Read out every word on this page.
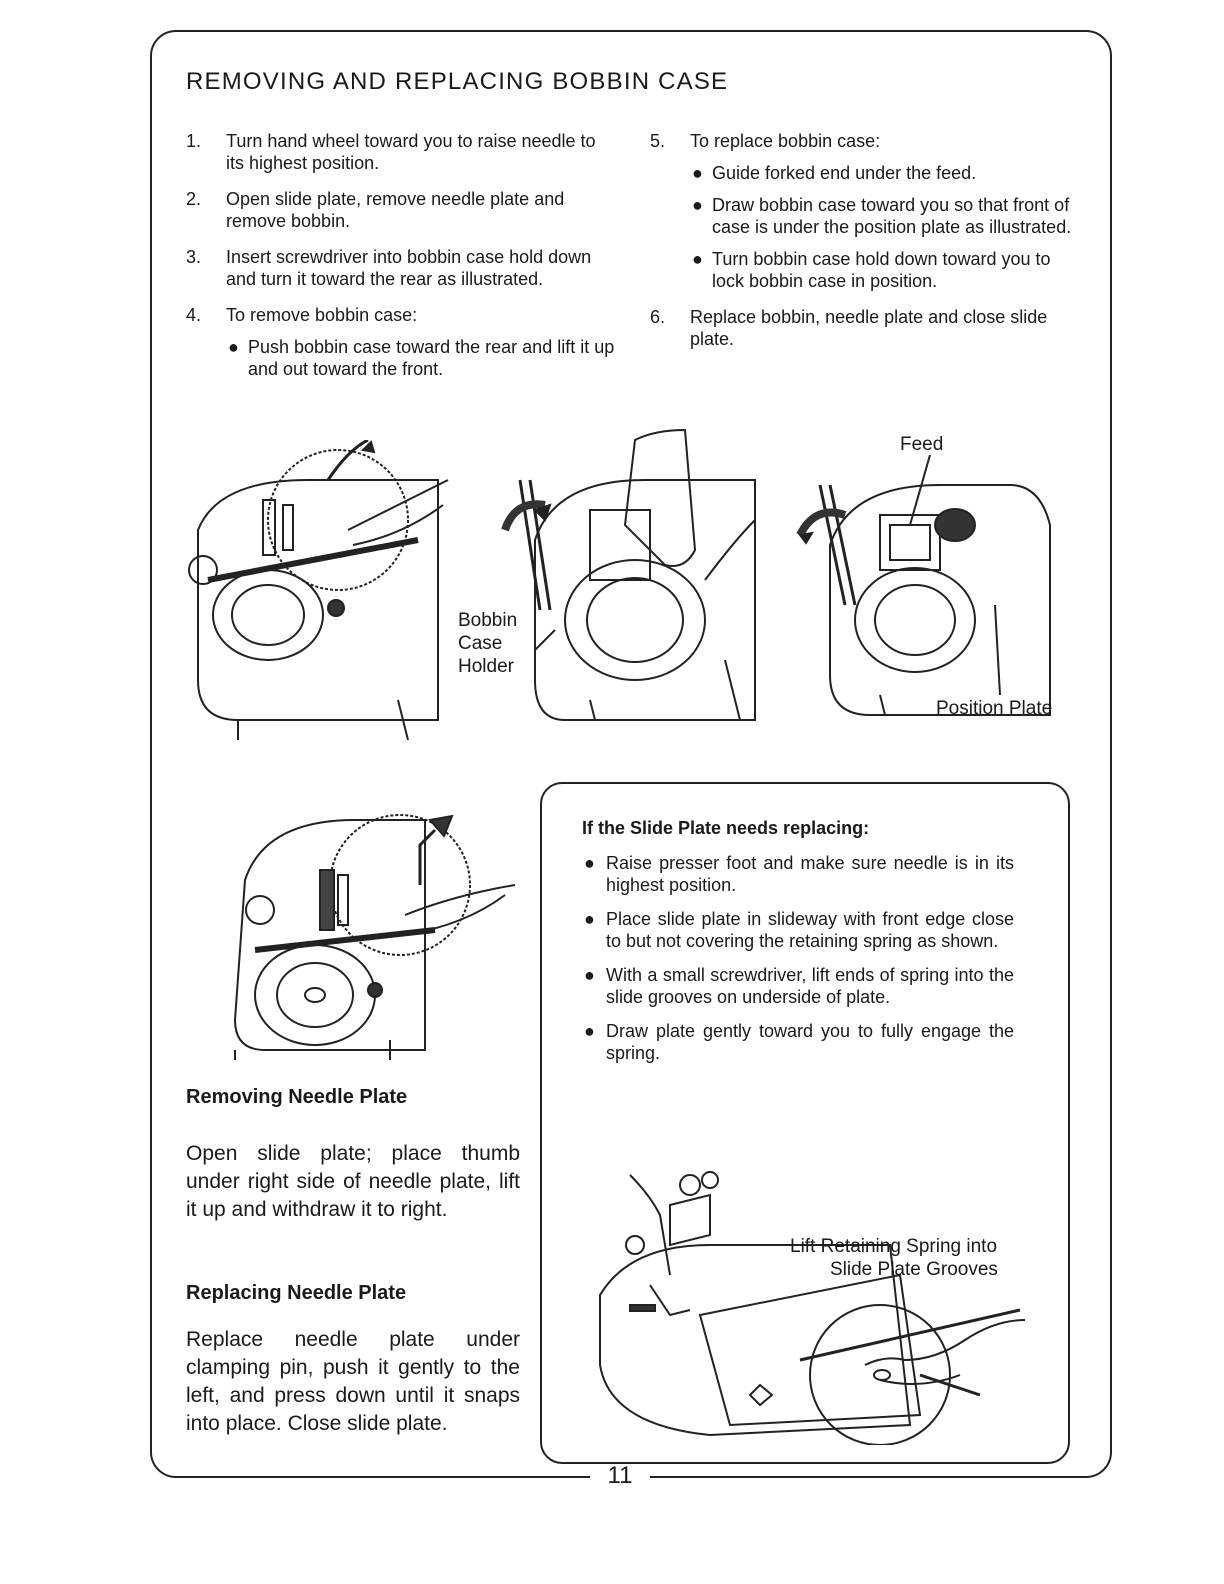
11
REMOVING AND REPLACING BOBBIN CASE
1. Turn hand wheel toward you to raise needle to its highest position.
2. Open slide plate, remove needle plate and remove bobbin.
3. Insert screwdriver into bobbin case hold down and turn it toward the rear as illustrated.
4. To remove bobbin case:
● Push bobbin case toward the rear and lift it up and out toward the front.
5. To replace bobbin case:
● Guide forked end under the feed.
● Draw bobbin case toward you so that front of case is under the position plate as illustrated.
● Turn bobbin case hold down toward you to lock bobbin case in position.
6. Replace bobbin, needle plate and close slide plate.
Bobbin
Case
Holder
Feed
Position Plate
Removing Needle Plate
Open slide plate; place thumb under right side of needle plate, lift it up and withdraw it to right.
Replacing Needle Plate
Replace needle plate under clamping pin, push it gently to the left, and press down until it snaps into place. Close slide plate.
If the Slide Plate needs replacing:
● Raise presser foot and make sure needle is in its highest position.
● Place slide plate in slideway with front edge close to but not covering the retaining spring as shown.
● With a small screwdriver, lift ends of spring into the slide grooves on underside of plate.
● Draw plate gently toward you to fully engage the spring.
Lift Retaining Spring into
Slide Plate Grooves
